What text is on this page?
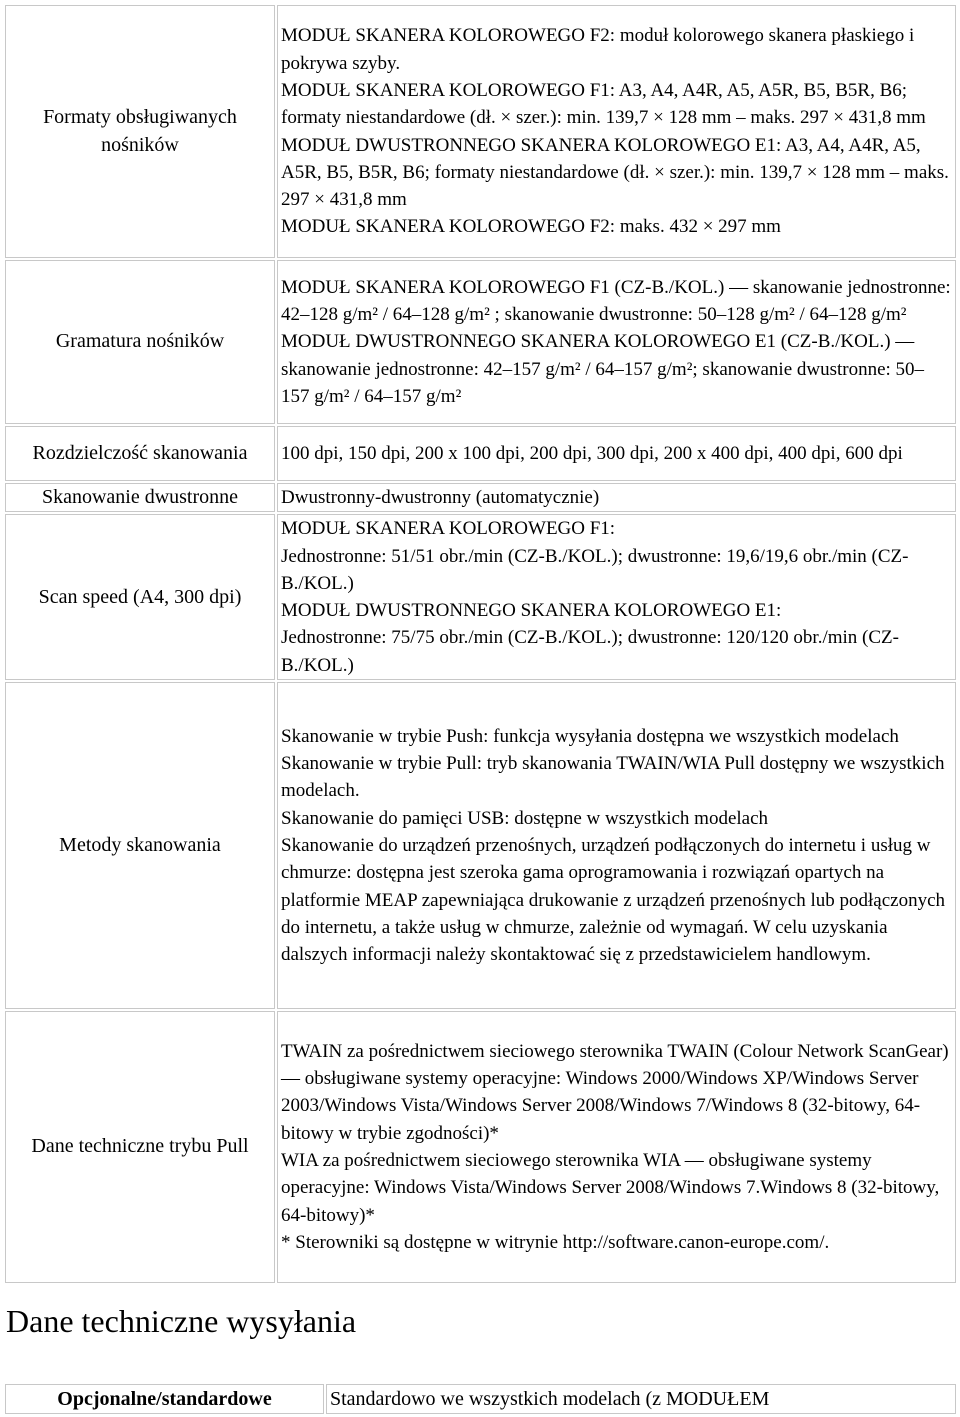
Formaty obsługiwanych nośników	MODUŁ SKANERA KOLOROWEGO F2: moduł kolorowego skanera płaskiego i pokrywa szyby.
MODUŁ SKANERA KOLOROWEGO F1: A3, A4, A4R, A5, A5R, B5, B5R, B6; formaty niestandardowe (dł. × szer.): min. 139,7 × 128 mm – maks. 297 × 431,8 mm
MODUŁ DWUSTRONNEGO SKANERA KOLOROWEGO E1: A3, A4, A4R, A5, A5R, B5, B5R, B6; formaty niestandardowe (dł. × szer.): min. 139,7 × 128 mm – maks. 297 × 431,8 mm
MODUŁ SKANERA KOLOROWEGO F2: maks. 432 × 297 mm

Gramatura nośników	MODUŁ SKANERA KOLOROWEGO F1 (CZ-B./KOL.) — skanowanie jednostronne: 42–128 g/m² / 64–128 g/m² ; skanowanie dwustronne: 50–128 g/m² / 64–128 g/m²
MODUŁ DWUSTRONNEGO SKANERA KOLOROWEGO E1 (CZ-B./KOL.) — skanowanie jednostronne: 42–157 g/m² / 64–157 g/m²; skanowanie dwustronne: 50–157 g/m² / 64–157 g/m²

Rozdzielczość skanowania	100 dpi, 150 dpi, 200 x 100 dpi, 200 dpi, 300 dpi, 200 x 400 dpi, 400 dpi, 600 dpi

Skanowanie dwustronne	Dwustronny-dwustronny (automatycznie)

Scan speed (A4, 300 dpi)	MODUŁ SKANERA KOLOROWEGO F1:
Jednostronne: 51/51 obr./min (CZ-B./KOL.); dwustronne: 19,6/19,6 obr./min (CZ-B./KOL.)
MODUŁ DWUSTRONNEGO SKANERA KOLOROWEGO E1:
Jednostronne: 75/75 obr./min (CZ-B./KOL.); dwustronne: 120/120 obr./min (CZ-B./KOL.)

Metody skanowania	Skanowanie w trybie Push: funkcja wysyłania dostępna we wszystkich modelach
Skanowanie w trybie Pull: tryb skanowania TWAIN/WIA Pull dostępny we wszystkich modelach.
Skanowanie do pamięci USB: dostępne w wszystkich modelach
Skanowanie do urządzeń przenośnych, urządzeń podłączonych do internetu i usług w chmurze: dostępna jest szeroka gama oprogramowania i rozwiązań opartych na platformie MEAP zapewniająca drukowanie z urządzeń przenośnych lub podłączonych do internetu, a także usług w chmurze, zależnie od wymagań. W celu uzyskania dalszych informacji należy skontaktować się z przedstawicielem handlowym.

Dane techniczne trybu Pull	TWAIN za pośrednictwem sieciowego sterownika TWAIN (Colour Network ScanGear) — obsługiwane systemy operacyjne: Windows 2000/Windows XP/Windows Server 2003/Windows Vista/Windows Server 2008/Windows 7/Windows 8 (32-bitowy, 64-bitowy w trybie zgodności)*
WIA za pośrednictwem sieciowego sterownika WIA — obsługiwane systemy operacyjne: Windows Vista/Windows Server 2008/Windows 7.Windows 8 (32-bitowy, 64-bitowy)*
* Sterowniki są dostępne w witrynie http://software.canon-europe.com/.
Dane techniczne wysyłania
Opcjonalne/standardowe	Standardowo we wszystkich modelach (z MODUŁEM
